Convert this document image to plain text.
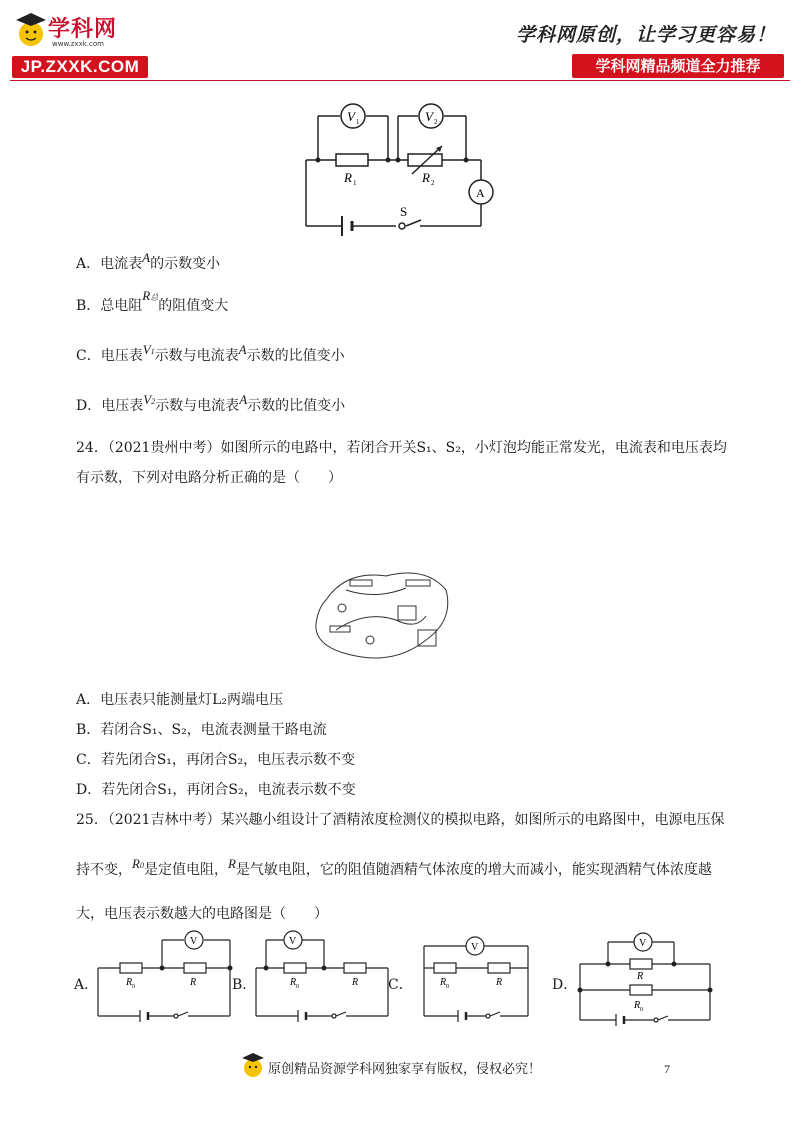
学科网
www.zxxk.com
JP.ZXXK.COM
学科网原创，让学习更容易！
学科网精品频道全力推荐
V 1	V 2
R 1	R 2
A
S
A．电流表A的示数变小
B．总电阻R总的阻值变大
C．电压表V1示数与电流表A示数的比值变小
D．电压表V2示数与电流表A示数的比值变小
24．（2021贵州中考）如图所示的电路中，若闭合开关S₁、S₂，小灯泡均能正常发光，电流表和电压表均
有示数，下列对电路分析正确的是（　　）
A．电压表只能测量灯L₂两端电压
B．若闭合S₁、S₂，电流表测量干路电流
C．若先闭合S₁，再闭合S₂，电压表示数不变
D．若先闭合S₁，再闭合S₂，电流表示数不变
25．（2021吉林中考）某兴趣小组设计了酒精浓度检测仪的模拟电路，如图所示的电路图中，电源电压保
持不变，R0是定值电阻，R是气敏电阻，它的阻值随酒精气体浓度的增大而减小，能实现酒精气体浓度越
大，电压表示数越大的电路图是（　　）
A．	B．	C．	D．
V
R 0	R
V
R 0	R
V
R 0	R
V
R
R 0
原创精品资源学科网独家享有版权，侵权必究！	7
